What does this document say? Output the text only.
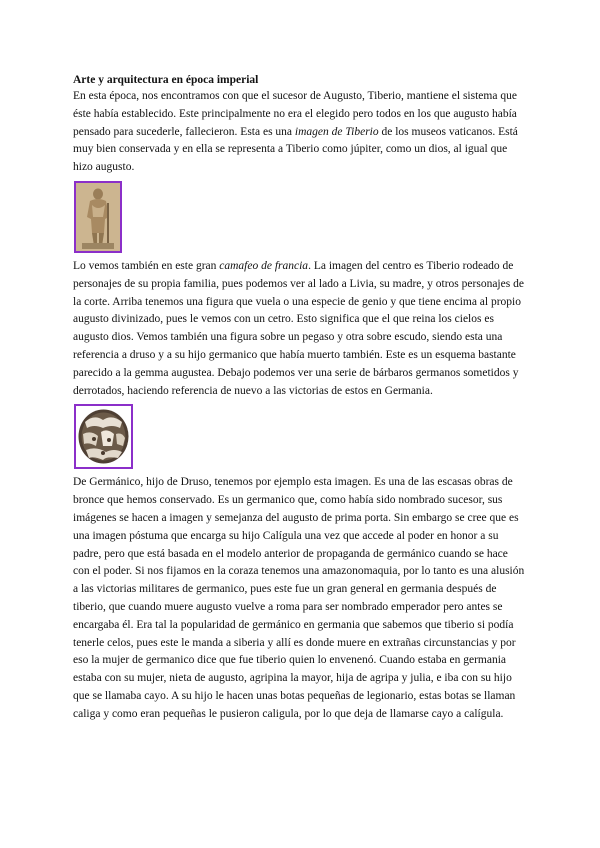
Arte y arquitectura en época imperial

En esta época, nos encontramos con que el sucesor de Augusto, Tiberio, mantiene el sistema que éste había establecido. Este principalmente no era el elegido pero todos en los que augusto había pensado para sucederle, fallecieron. Esta es una imagen de Tiberio de los museos vaticanos. Está muy bien conservada y en ella se representa a Tiberio como júpiter, como un dios, al igual que hizo augusto.

Lo vemos también en este gran camafeo de francia. La imagen del centro es Tiberio rodeado de personajes de su propia familia, pues podemos ver al lado a Livia, su madre, y otros personajes de la corte. Arriba tenemos una figura que vuela o una especie de genio y que tiene encima al propio augusto divinizado, pues le vemos con un cetro. Esto significa que el que reina los cielos es augusto dios. Vemos también una figura sobre un pegaso y otra sobre escudo, siendo esta una referencia a druso y a su hijo germanico que había muerto también. Este es un esquema bastante parecido a la gemma augustea. Debajo podemos ver una serie de bárbaros germanos sometidos y derrotados, haciendo referencia de nuevo a las victorias de estos en Germania.

De Germánico, hijo de Druso, tenemos por ejemplo esta imagen. Es una de las escasas obras de bronce que hemos conservado. Es un germanico que, como había sido nombrado sucesor, sus imágenes se hacen a imagen y semejanza del augusto de prima porta. Sin embargo se cree que es una imagen póstuma que encarga su hijo Calígula una vez que accede al poder en honor a su padre, pero que está basada en el modelo anterior de propaganda de germánico cuando se hace con el poder. Si nos fijamos en la coraza tenemos una amazonomaquia, por lo tanto es una alusión a las victorias militares de germanico, pues este fue un gran general en germania después de tiberio, que cuando muere augusto vuelve a roma para ser nombrado emperador pero antes se encargaba él. Era tal la popularidad de germánico en germania que sabemos que tiberio si podía tenerle celos, pues este le manda a siberia y allí es donde muere en extrañas circunstancias y por eso la mujer de germanico dice que fue tiberio quien lo envenenó. Cuando estaba en germania estaba con su mujer, nieta de augusto, agripina la mayor, hija de agripa y julia, e iba con su hijo que se llamaba cayo. A su hijo le hacen unas botas pequeñas de legionario, estas botas se llaman caliga y como eran pequeñas le pusieron caligula, por lo que deja de llamarse cayo a calígula.
